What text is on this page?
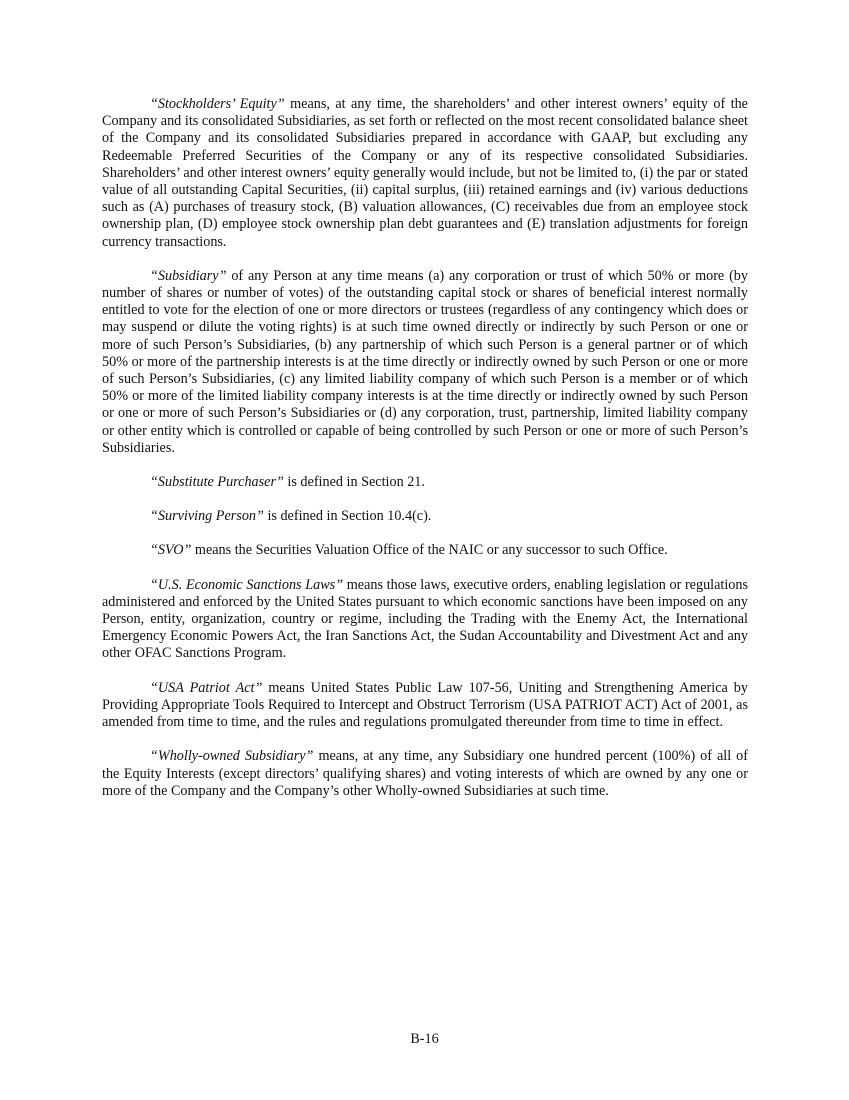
“Stockholders’ Equity” means, at any time, the shareholders’ and other interest owners’ equity of the Company and its consolidated Subsidiaries, as set forth or reflected on the most recent consolidated balance sheet of the Company and its consolidated Subsidiaries prepared in accordance with GAAP, but excluding any Redeemable Preferred Securities of the Company or any of its respective consolidated Subsidiaries. Shareholders’ and other interest owners’ equity generally would include, but not be limited to, (i) the par or stated value of all outstanding Capital Securities, (ii) capital surplus, (iii) retained earnings and (iv) various deductions such as (A) purchases of treasury stock, (B) valuation allowances, (C) receivables due from an employee stock ownership plan, (D) employee stock ownership plan debt guarantees and (E) translation adjustments for foreign currency transactions.

“Subsidiary” of any Person at any time means (a) any corporation or trust of which 50% or more (by number of shares or number of votes) of the outstanding capital stock or shares of beneficial interest normally entitled to vote for the election of one or more directors or trustees (regardless of any contingency which does or may suspend or dilute the voting rights) is at such time owned directly or indirectly by such Person or one or more of such Person’s Subsidiaries, (b) any partnership of which such Person is a general partner or of which 50% or more of the partnership interests is at the time directly or indirectly owned by such Person or one or more of such Person’s Subsidiaries, (c) any limited liability company of which such Person is a member or of which 50% or more of the limited liability company interests is at the time directly or indirectly owned by such Person or one or more of such Person’s Subsidiaries or (d) any corporation, trust, partnership, limited liability company or other entity which is controlled or capable of being controlled by such Person or one or more of such Person’s Subsidiaries.

“Substitute Purchaser” is defined in Section 21.

“Surviving Person” is defined in Section 10.4(c).

“SVO” means the Securities Valuation Office of the NAIC or any successor to such Office.

“U.S. Economic Sanctions Laws” means those laws, executive orders, enabling legislation or regulations administered and enforced by the United States pursuant to which economic sanctions have been imposed on any Person, entity, organization, country or regime, including the Trading with the Enemy Act, the International Emergency Economic Powers Act, the Iran Sanctions Act, the Sudan Accountability and Divestment Act and any other OFAC Sanctions Program.

“USA Patriot Act” means United States Public Law 107-56, Uniting and Strengthening America by Providing Appropriate Tools Required to Intercept and Obstruct Terrorism (USA PATRIOT ACT) Act of 2001, as amended from time to time, and the rules and regulations promulgated thereunder from time to time in effect.

“Wholly-owned Subsidiary” means, at any time, any Subsidiary one hundred percent (100%) of all of the Equity Interests (except directors’ qualifying shares) and voting interests of which are owned by any one or more of the Company and the Company’s other Wholly-owned Subsidiaries at such time.

B-16
